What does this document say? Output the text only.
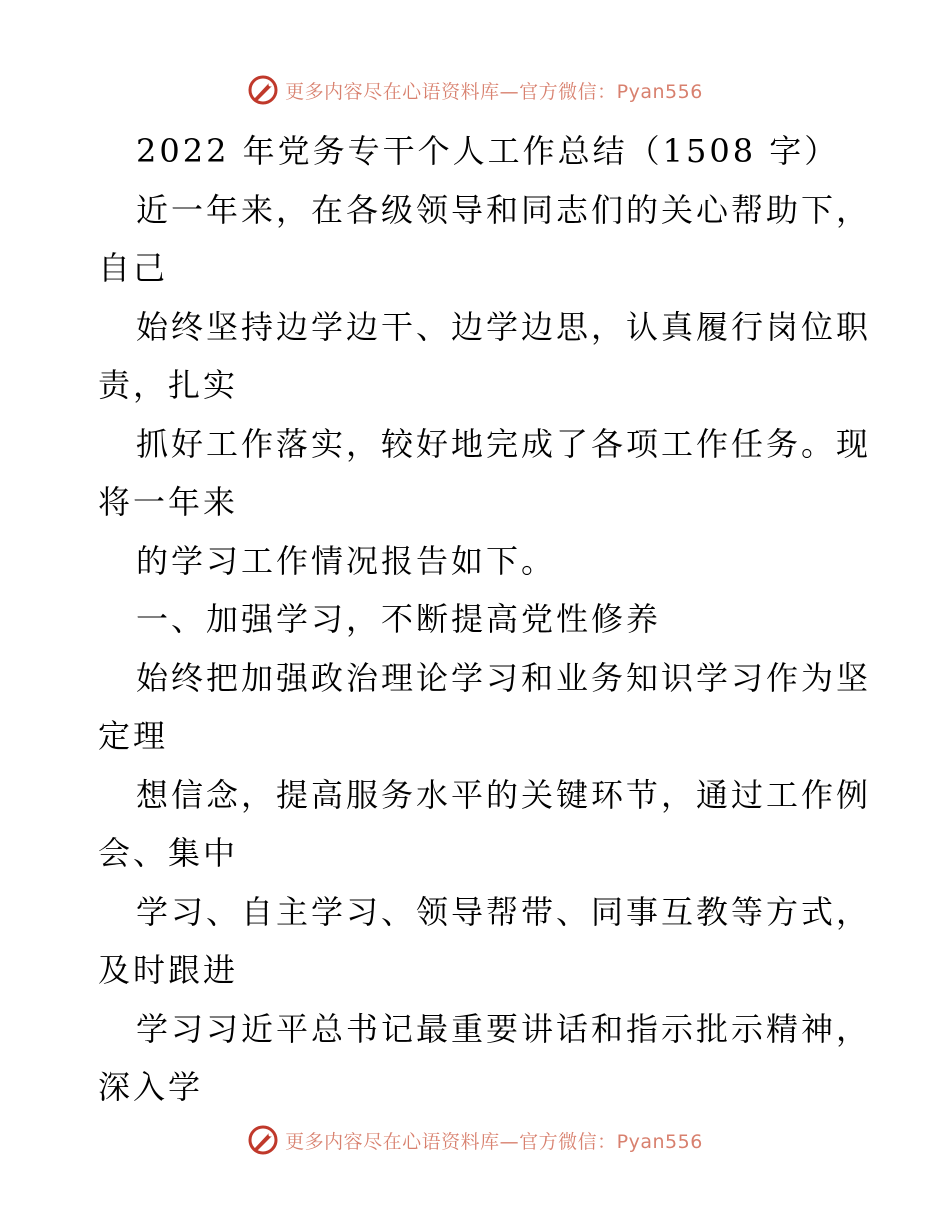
更多内容尽在心语资料库—官方微信：Pyan556
2022 年党务专干个人工作总结（1508 字）
近一年来，在各级领导和同志们的关心帮助下，
自己
始终坚持边学边干、边学边思，认真履行岗位职
责，扎实
抓好工作落实，较好地完成了各项工作任务。现
将一年来
的学习工作情况报告如下。
一、加强学习，不断提高党性修养
始终把加强政治理论学习和业务知识学习作为坚
定理
想信念，提高服务水平的关键环节，通过工作例
会、集中
学习、自主学习、领导帮带、同事互教等方式，
及时跟进
学习习近平总书记最重要讲话和指示批示精神，
深入学
更多内容尽在心语资料库—官方微信：Pyan556
